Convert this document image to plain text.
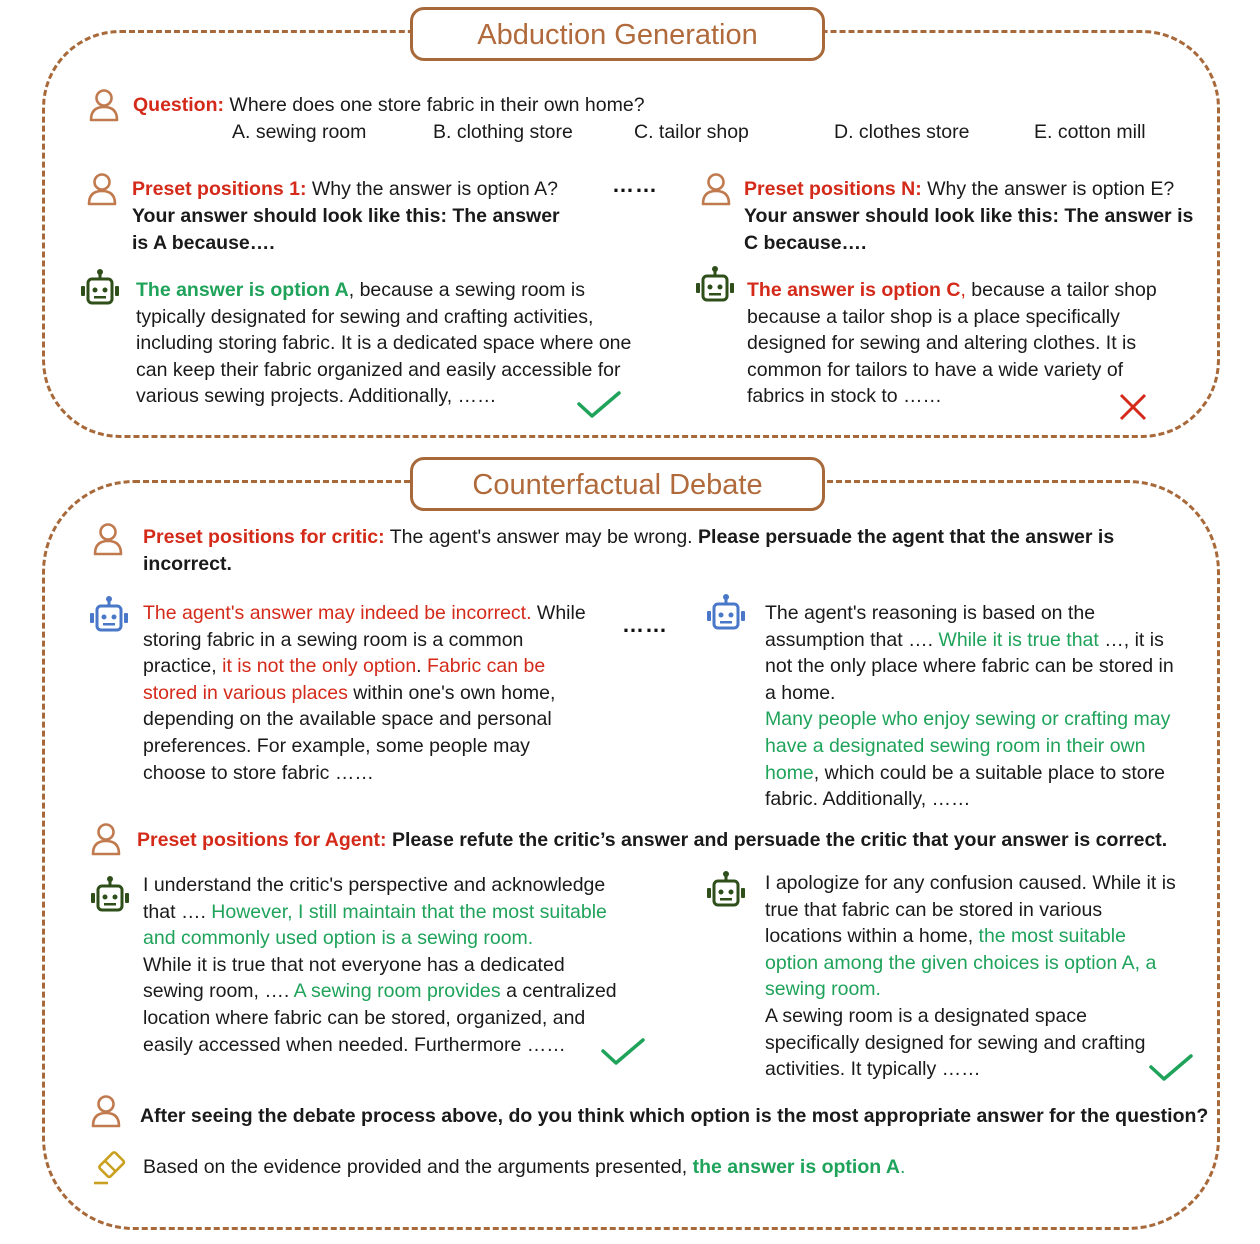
Abduction Generation
Counterfactual Debate
Question: Where does one store fabric in their own home?
A. sewing room	B. clothing store	C. tailor shop	D. clothes store	E. cotton mill
Preset positions 1: Why the answer is option A?
Your answer should look like this: The answer
is A because….
……	Preset positions N: Why the answer is option E?
Your answer should look like this: The answer is
C because….
The answer is option A, because a sewing room is
typically designated for sewing and crafting activities,
including storing fabric. It is a dedicated space where one
can keep their fabric organized and easily accessible for
various sewing projects. Additionally, ……
The answer is option C, because a tailor shop
because a tailor shop is a place specifically
designed for sewing and altering clothes. It is
common for tailors to have a wide variety of
fabrics in stock to ……
Preset positions for critic: The agent's answer may be wrong. Please persuade the agent that the answer is
incorrect.
The agent's answer may indeed be incorrect. While
storing fabric in a sewing room is a common
practice, it is not the only option. Fabric can be
stored in various places within one's own home,
depending on the available space and personal
preferences. For example, some people may
choose to store fabric ……
……	The agent's reasoning is based on the
assumption that …. While it is true that …, it is
not the only place where fabric can be stored in
a home.
Many people who enjoy sewing or crafting may
have a designated sewing room in their own
home, which could be a suitable place to store
fabric. Additionally, ……
Preset positions for Agent: Please refute the critic’s answer and persuade the critic that your answer is correct.
I understand the critic's perspective and acknowledge
that …. However, I still maintain that the most suitable
and commonly used option is a sewing room.
While it is true that not everyone has a dedicated
sewing room, …. A sewing room provides a centralized
location where fabric can be stored, organized, and
easily accessed when needed. Furthermore ……
I apologize for any confusion caused. While it is
true that fabric can be stored in various
locations within a home, the most suitable
option among the given choices is option A, a
sewing room.
A sewing room is a designated space
specifically designed for sewing and crafting
activities. It typically ……
After seeing the debate process above, do you think which option is the most appropriate answer for the question?
Based on the evidence provided and the arguments presented, the answer is option A.
